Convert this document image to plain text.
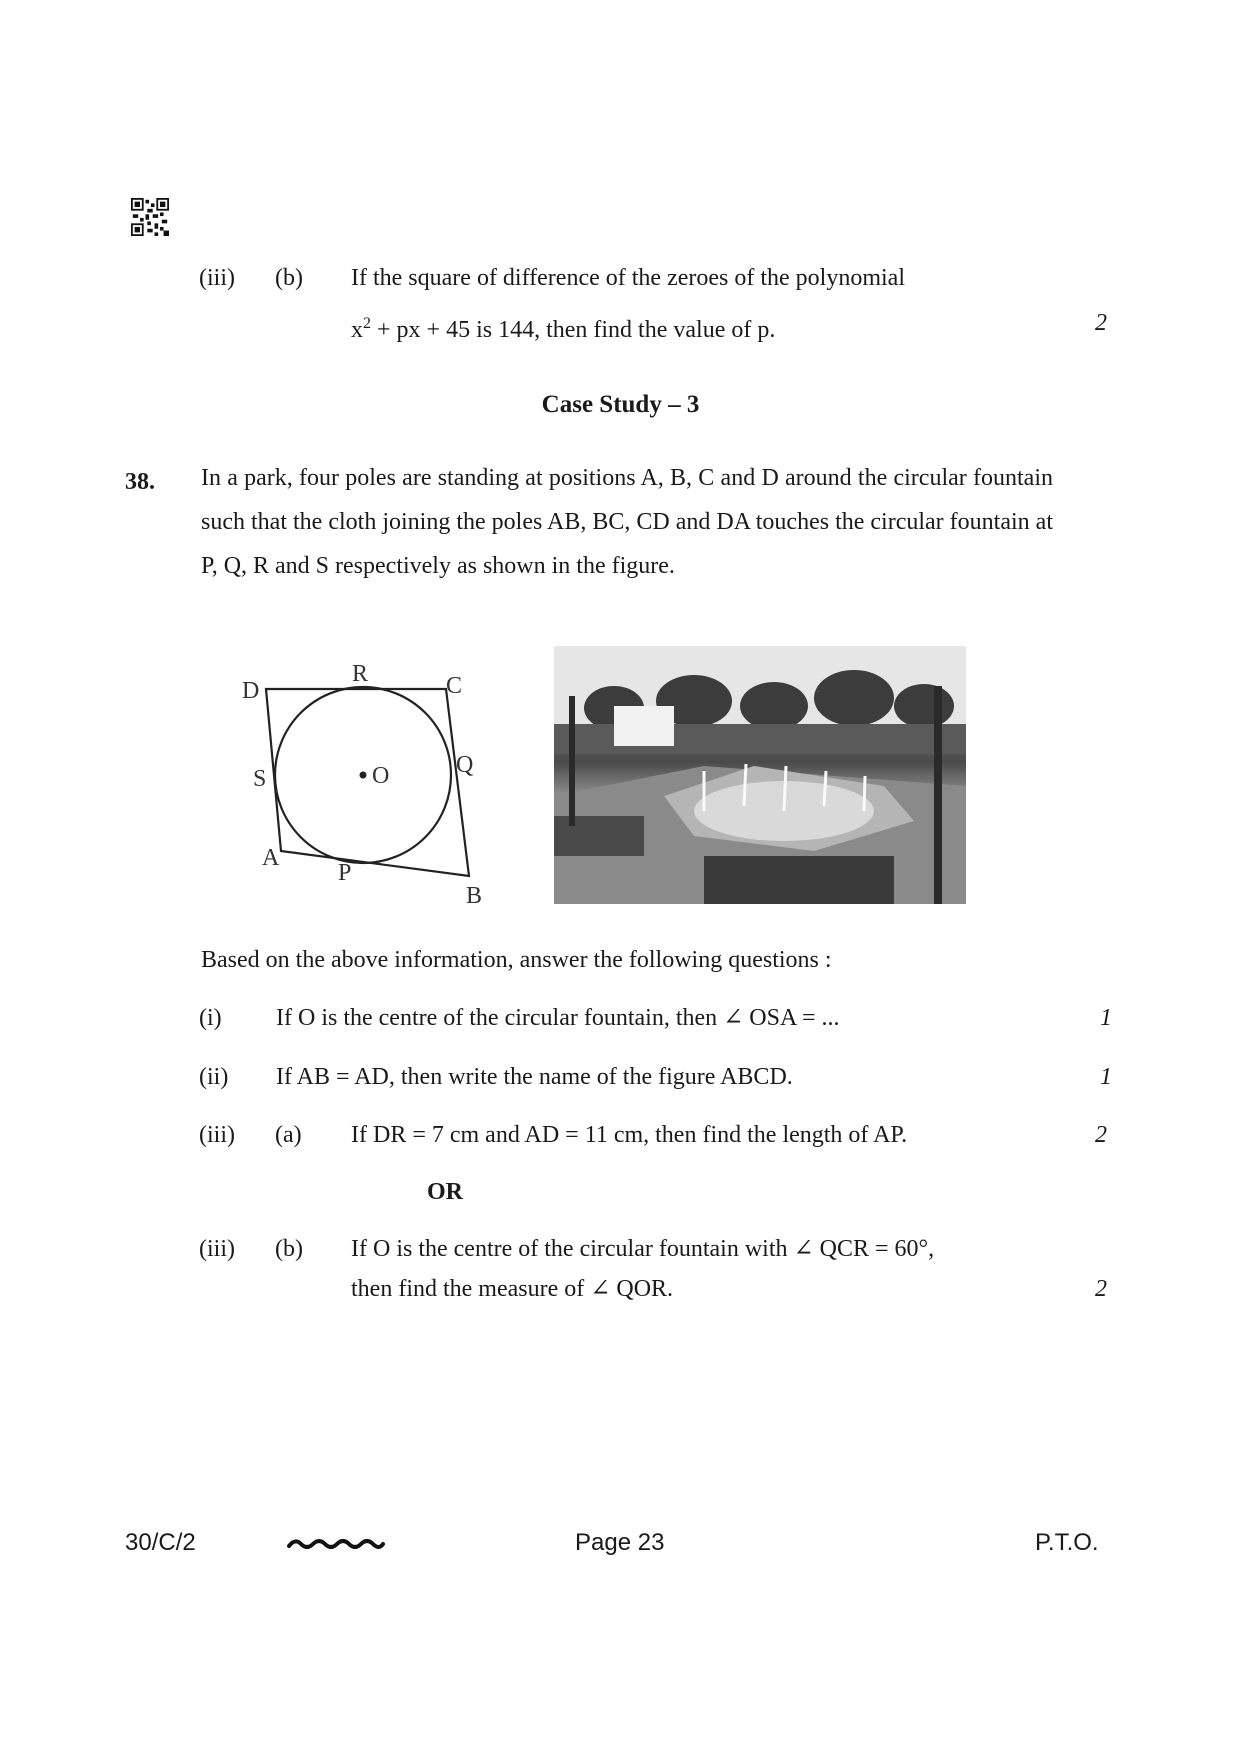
(iii) (b) If the square of difference of the zeroes of the polynomial
$x^2$ + px + 45 is 144, then find the value of p.	2
Case Study – 3
38. In a park, four poles are standing at positions A, B, C and D around the circular fountain such that the cloth joining the poles AB, BC, CD and DA touches the circular fountain at P, Q, R and S respectively as shown in the figure.
D
R	C
S	O	Q
A
P
B
Based on the above information, answer the following questions :
(i) If O is the centre of the circular fountain, then ∠ OSA = ...	1
(ii) If AB = AD, then write the name of the figure ABCD.	1
(iii) (a) If DR = 7 cm and AD = 11 cm, then find the length of AP.	2
OR
(iii) (b) If O is the centre of the circular fountain with ∠ QCR = 60°,
then find the measure of ∠ QOR.	2
30/C/2	Page 23	P.T.O.
